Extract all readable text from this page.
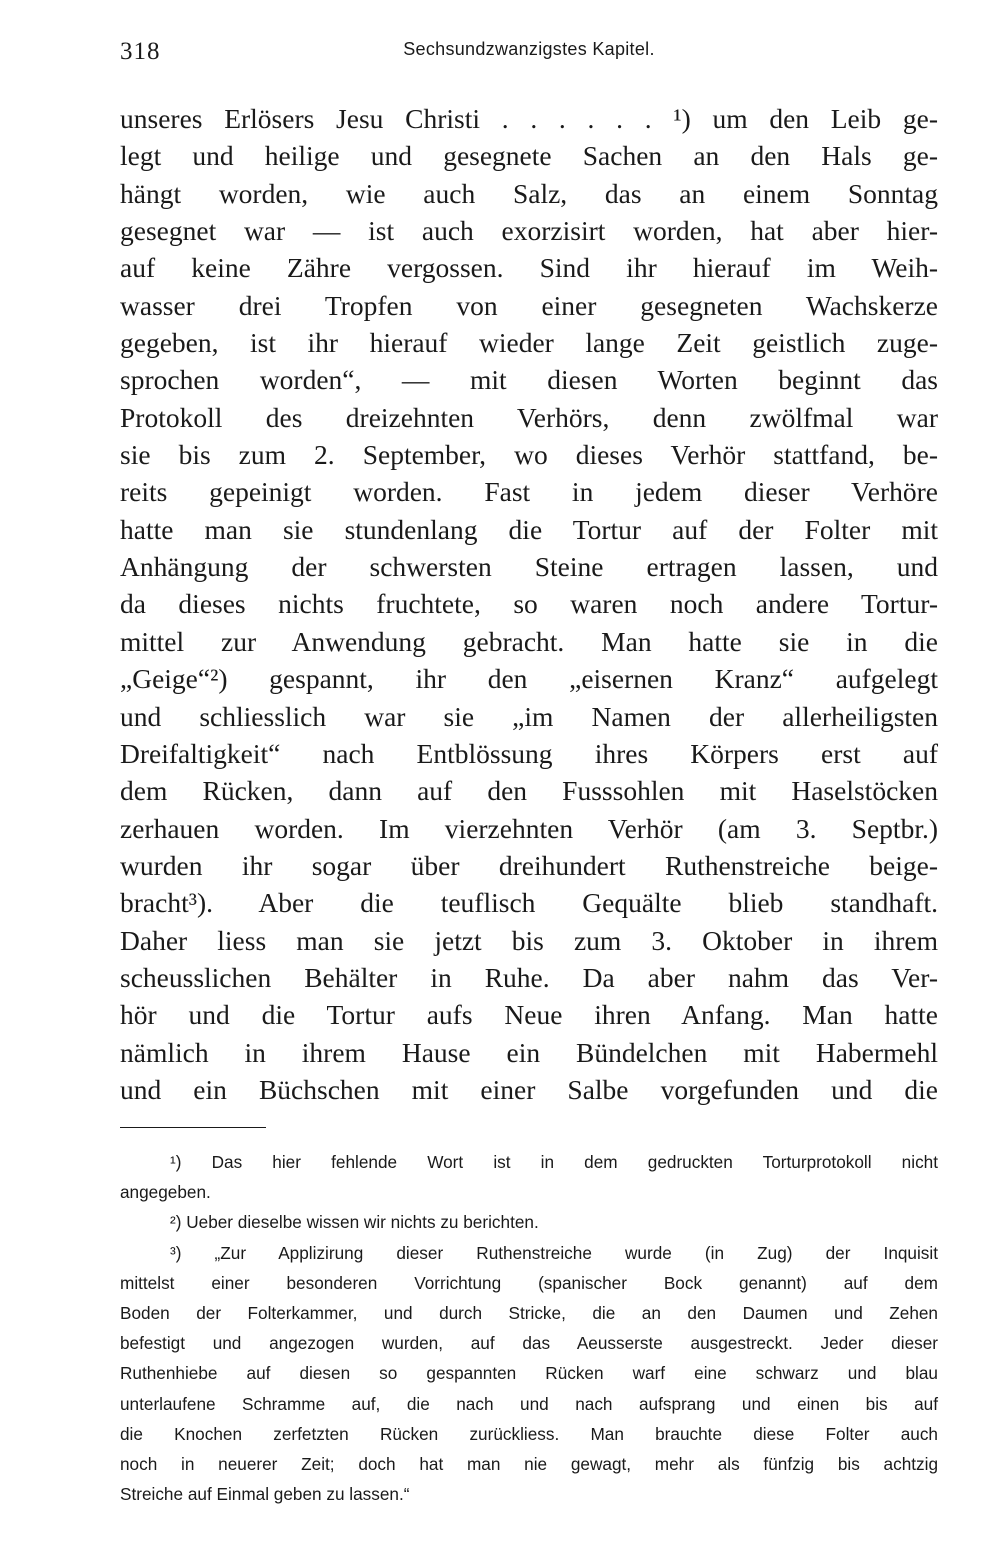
318	Sechsundzwanzigstes Kapitel.
unseres Erlösers Jesu Christi . . . . . . ¹) um den Leib ge-
legt und heilige und gesegnete Sachen an den Hals ge-
hängt worden, wie auch Salz, das an einem Sonntag
gesegnet war — ist auch exorzisirt worden, hat aber hier-
auf keine Zähre vergossen. Sind ihr hierauf im Weih-
wasser drei Tropfen von einer gesegneten Wachskerze
gegeben, ist ihr hierauf wieder lange Zeit geistlich zuge-
sprochen worden“, — mit diesen Worten beginnt das
Protokoll des dreizehnten Verhörs, denn zwölfmal war
sie bis zum 2. September, wo dieses Verhör stattfand, be-
reits gepeinigt worden. Fast in jedem dieser Verhöre
hatte man sie stundenlang die Tortur auf der Folter mit
Anhängung der schwersten Steine ertragen lassen, und
da dieses nichts fruchtete, so waren noch andere Tortur-
mittel zur Anwendung gebracht. Man hatte sie in die
„Geige“²) gespannt, ihr den „eisernen Kranz“ aufgelegt
und schliesslich war sie „im Namen der allerheiligsten
Dreifaltigkeit“ nach Entblössung ihres Körpers erst auf
dem Rücken, dann auf den Fusssohlen mit Haselstöcken
zerhauen worden. Im vierzehnten Verhör (am 3. Septbr.)
wurden ihr sogar über dreihundert Ruthenstreiche beige-
bracht³). Aber die teuflisch Gequälte blieb standhaft.
Daher liess man sie jetzt bis zum 3. Oktober in ihrem
scheusslichen Behälter in Ruhe. Da aber nahm das Ver-
hör und die Tortur aufs Neue ihren Anfang. Man hatte
nämlich in ihrem Hause ein Bündelchen mit Habermehl
und ein Büchschen mit einer Salbe vorgefunden und die
¹) Das hier fehlende Wort ist in dem gedruckten Torturprotokoll nicht
angegeben.
²) Ueber dieselbe wissen wir nichts zu berichten.
³) „Zur Applizirung dieser Ruthenstreiche wurde (in Zug) der Inquisit
mittelst einer besonderen Vorrichtung (spanischer Bock genannt) auf dem
Boden der Folterkammer, und durch Stricke, die an den Daumen und Zehen
befestigt und angezogen wurden, auf das Aeusserste ausgestreckt. Jeder dieser
Ruthenhiebe auf diesen so gespannten Rücken warf eine schwarz und blau
unterlaufene Schramme auf, die nach und nach aufsprang und einen bis auf
die Knochen zerfetzten Rücken zurückliess. Man brauchte diese Folter auch
noch in neuerer Zeit; doch hat man nie gewagt, mehr als fünfzig bis achtzig
Streiche auf Einmal geben zu lassen.“
